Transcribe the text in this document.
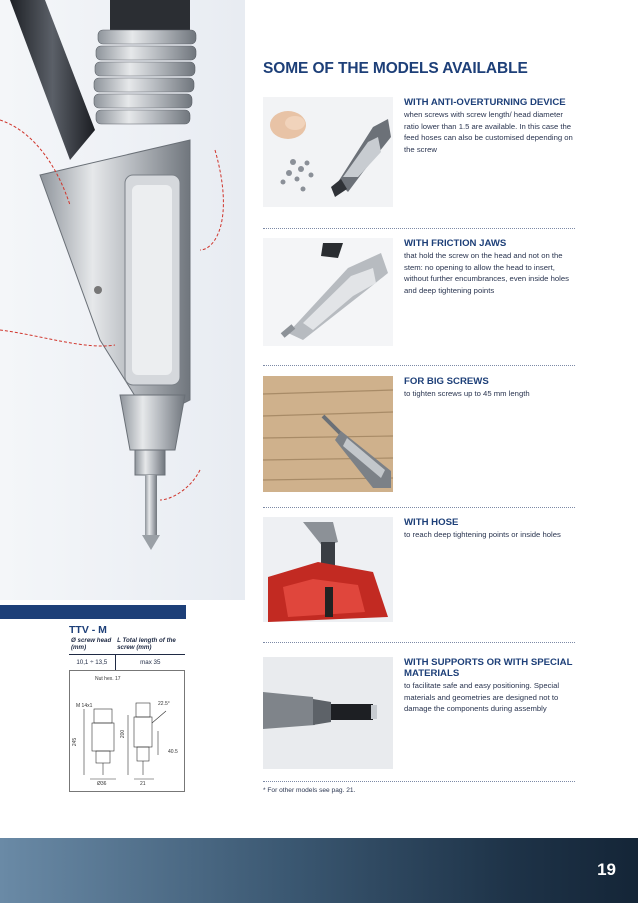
SOME OF THE MODELS AVAILABLE
WITH ANTI-OVERTURNING DEVICE
when screws with screw length/ head diameter ratio lower than 1.5 are available. In this case the feed hoses can also be customised depending on the screw
WITH FRICTION JAWS
that hold the screw on the head and not on the stem: no opening to allow the head to insert, without further encumbrances, even inside holes and deep tightening points
FOR BIG SCREWS
to tighten screws up to 45 mm length
WITH HOSE
to reach deep tightening points or inside holes
WITH SUPPORTS OR WITH SPECIAL MATERIALS
to facilitate safe and easy positioning. Special materials and geometries are designed not to damage the components during assembly
* For other models see pag. 21.
TTV - M
Ø screw head (mm)	L Total length of the screw (mm)
10,1 ÷ 13,5	max 35
Nut hex. 17
M 14x1
245
200
22.5°
40.5
Ø36	21
19
